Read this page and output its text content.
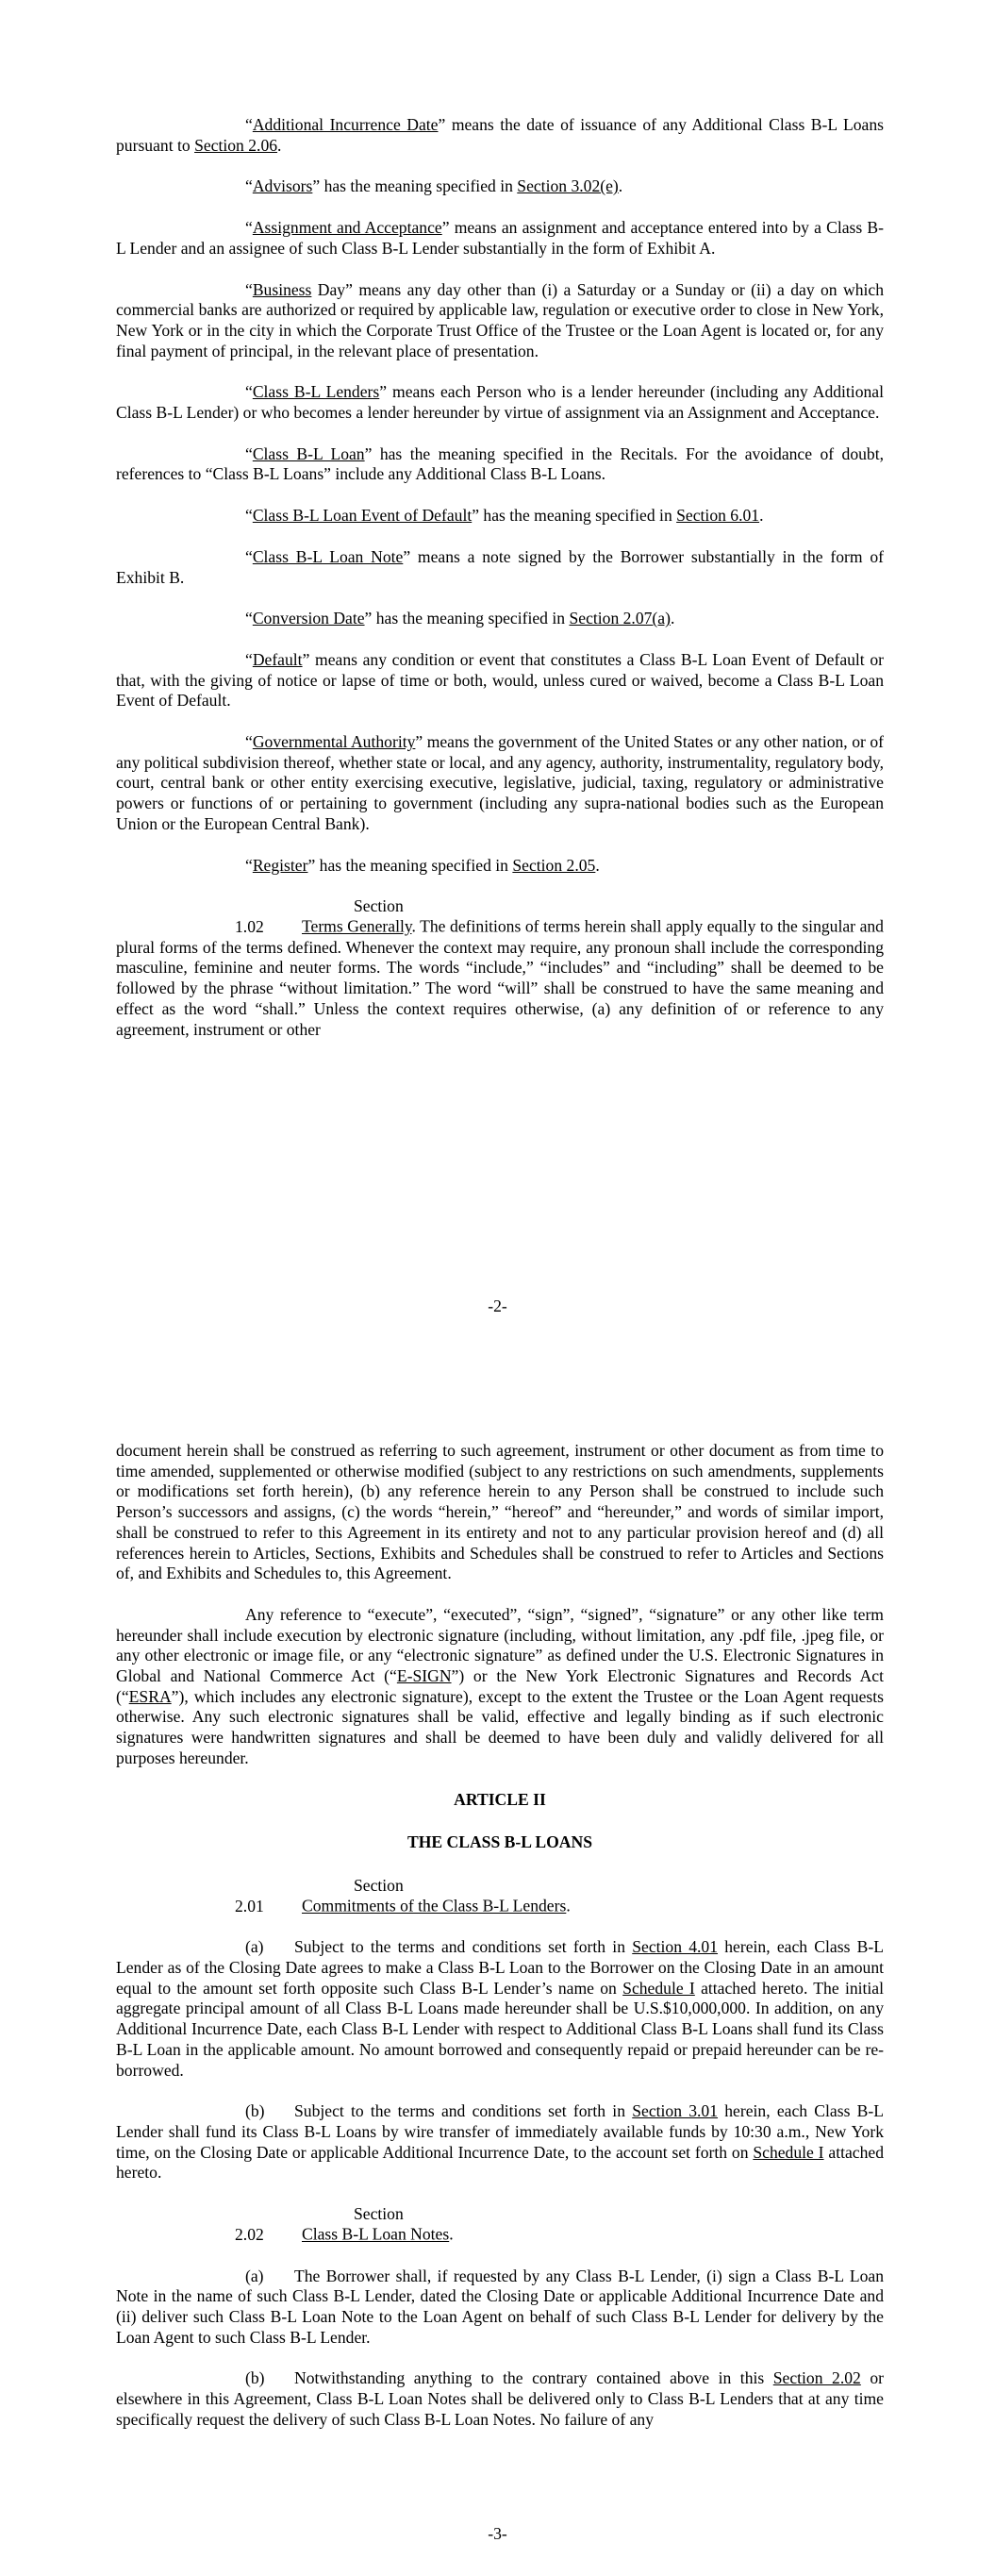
“Additional Incurrence Date” means the date of issuance of any Additional Class B-L Loans pursuant to Section 2.06.

“Advisors” has the meaning specified in Section 3.02(e).

“Assignment and Acceptance” means an assignment and acceptance entered into by a Class B-L Lender and an assignee of such Class B-L Lender substantially in the form of Exhibit A.

“Business Day” means any day other than (i) a Saturday or a Sunday or (ii) a day on which commercial banks are authorized or required by applicable law, regulation or executive order to close in New York, New York or in the city in which the Corporate Trust Office of the Trustee or the Loan Agent is located or, for any final payment of principal, in the relevant place of presentation.

“Class B-L Lenders” means each Person who is a lender hereunder (including any Additional Class B-L Lender) or who becomes a lender hereunder by virtue of assignment via an Assignment and Acceptance.

“Class B-L Loan” has the meaning specified in the Recitals. For the avoidance of doubt, references to “Class B-L Loans” include any Additional Class B-L Loans.

“Class B-L Loan Event of Default” has the meaning specified in Section 6.01.

“Class B-L Loan Note” means a note signed by the Borrower substantially in the form of Exhibit B.

“Conversion Date” has the meaning specified in Section 2.07(a).

“Default” means any condition or event that constitutes a Class B-L Loan Event of Default or that, with the giving of notice or lapse of time or both, would, unless cured or waived, become a Class B-L Loan Event of Default.

“Governmental Authority” means the government of the United States or any other nation, or of any political subdivision thereof, whether state or local, and any agency, authority, instrumentality, regulatory body, court, central bank or other entity exercising executive, legislative, judicial, taxing, regulatory or administrative powers or functions of or pertaining to government (including any supra-national bodies such as the European Union or the European Central Bank).

“Register” has the meaning specified in Section 2.05.

Section 1.02 Terms Generally. The definitions of terms herein shall apply equally to the singular and plural forms of the terms defined. Whenever the context may require, any pronoun shall include the corresponding masculine, feminine and neuter forms. The words “include,” “includes” and “including” shall be deemed to be followed by the phrase “without limitation.” The word “will” shall be construed to have the same meaning and effect as the word “shall.” Unless the context requires otherwise, (a) any definition of or reference to any agreement, instrument or other

-2-

document herein shall be construed as referring to such agreement, instrument or other document as from time to time amended, supplemented or otherwise modified (subject to any restrictions on such amendments, supplements or modifications set forth herein), (b) any reference herein to any Person shall be construed to include such Person’s successors and assigns, (c) the words “herein,” “hereof” and “hereunder,” and words of similar import, shall be construed to refer to this Agreement in its entirety and not to any particular provision hereof and (d) all references herein to Articles, Sections, Exhibits and Schedules shall be construed to refer to Articles and Sections of, and Exhibits and Schedules to, this Agreement.

Any reference to “execute”, “executed”, “sign”, “signed”, “signature” or any other like term hereunder shall include execution by electronic signature (including, without limitation, any .pdf file, .jpeg file, or any other electronic or image file, or any “electronic signature” as defined under the U.S. Electronic Signatures in Global and National Commerce Act (“E-SIGN”) or the New York Electronic Signatures and Records Act (“ESRA”), which includes any electronic signature), except to the extent the Trustee or the Loan Agent requests otherwise. Any such electronic signatures shall be valid, effective and legally binding as if such electronic signatures were handwritten signatures and shall be deemed to have been duly and validly delivered for all purposes hereunder.

ARTICLE II

THE CLASS B-L LOANS

Section 2.01 Commitments of the Class B-L Lenders.

(a) Subject to the terms and conditions set forth in Section 4.01 herein, each Class B-L Lender as of the Closing Date agrees to make a Class B-L Loan to the Borrower on the Closing Date in an amount equal to the amount set forth opposite such Class B-L Lender’s name on Schedule I attached hereto. The initial aggregate principal amount of all Class B-L Loans made hereunder shall be U.S.$10,000,000. In addition, on any Additional Incurrence Date, each Class B-L Lender with respect to Additional Class B-L Loans shall fund its Class B-L Loan in the applicable amount. No amount borrowed and consequently repaid or prepaid hereunder can be re-borrowed.

(b) Subject to the terms and conditions set forth in Section 3.01 herein, each Class B-L Lender shall fund its Class B-L Loans by wire transfer of immediately available funds by 10:30 a.m., New York time, on the Closing Date or applicable Additional Incurrence Date, to the account set forth on Schedule I attached hereto.

Section 2.02 Class B-L Loan Notes.

(a) The Borrower shall, if requested by any Class B-L Lender, (i) sign a Class B-L Loan Note in the name of such Class B-L Lender, dated the Closing Date or applicable Additional Incurrence Date and (ii) deliver such Class B-L Loan Note to the Loan Agent on behalf of such Class B-L Lender for delivery by the Loan Agent to such Class B-L Lender.

(b) Notwithstanding anything to the contrary contained above in this Section 2.02 or elsewhere in this Agreement, Class B-L Loan Notes shall be delivered only to Class B-L Lenders that at any time specifically request the delivery of such Class B-L Loan Notes. No failure of any

-3-
